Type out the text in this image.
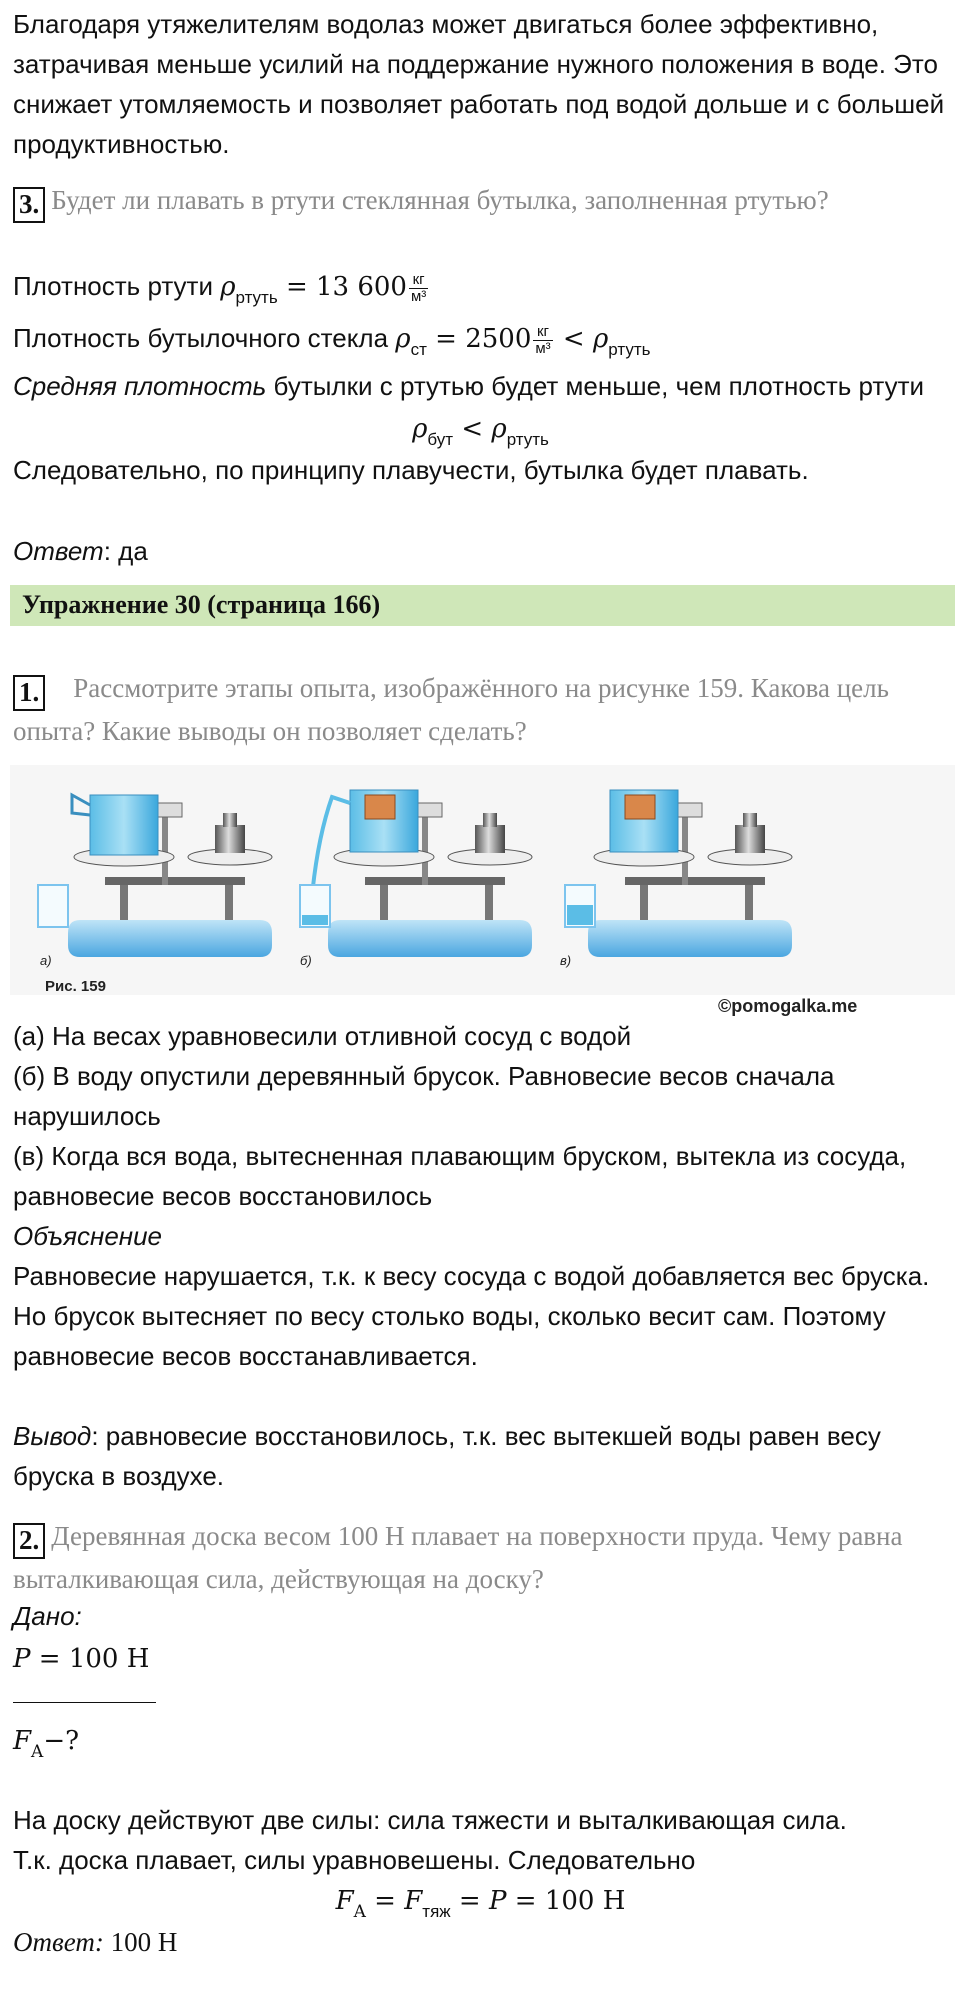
Благодаря утяжелителям водолаз может двигаться более эффективно, затрачивая меньше усилий на поддержание нужного положения в воде. Это снижает утомляемость и позволяет работать под водой дольше и с большей продуктивностью.
3. Будет ли плавать в ртути стеклянная бутылка, заполненная ртутью?
Плотность ртути $\rho_{ртуть} = 13$ $600 \frac{кг}{\text{м³}}$
Плотность бутылочного стекла $\rho_{ст} = 2500 \frac{кг}{\text{м³}} < \rho_{ртуть}$
Средняя плотность бутылки с ртутью будет меньше, чем плотность ртути
$\rho_{бут} < \rho_{ртуть}$
Следовательно, по принципу плавучести, бутылка будет плавать.
Ответ: да
Упражнение 30 (страница 166)
1. Рассмотрите этапы опыта, изображённого на рисунке 159. Какова цель опыта? Какие выводы он позволяет сделать?
а)	б)	в)
Рис. 159
©pomogalka.me
(а) На весах уравновесили отливной сосуд с водой
(б) В воду опустили деревянный брусок. Равновесие весов сначала нарушилось
(в) Когда вся вода, вытесненная плавающим бруском, вытекла из сосуда, равновесие весов восстановилось
Объяснение
Равновесие нарушается, т.к. к весу сосуда с водой добавляется вес бруска. Но брусок вытесняет по весу столько воды, сколько весит сам. Поэтому равновесие весов восстанавливается.
Вывод: равновесие восстановилось, т.к. вес вытекшей воды равен весу бруска в воздухе.
2. Деревянная доска весом 100 Н плавает на поверхности пруда. Чему равна выталкивающая сила, действующая на доску?
Дано:
P = 100 Н
$F_A-$?
На доску действуют две силы: сила тяжести и выталкивающая сила.
Т.к. доска плавает, силы уравновешены. Следовательно
$F_A = F_{тяж} = P = 100$ Н
Ответ: 100 Н
